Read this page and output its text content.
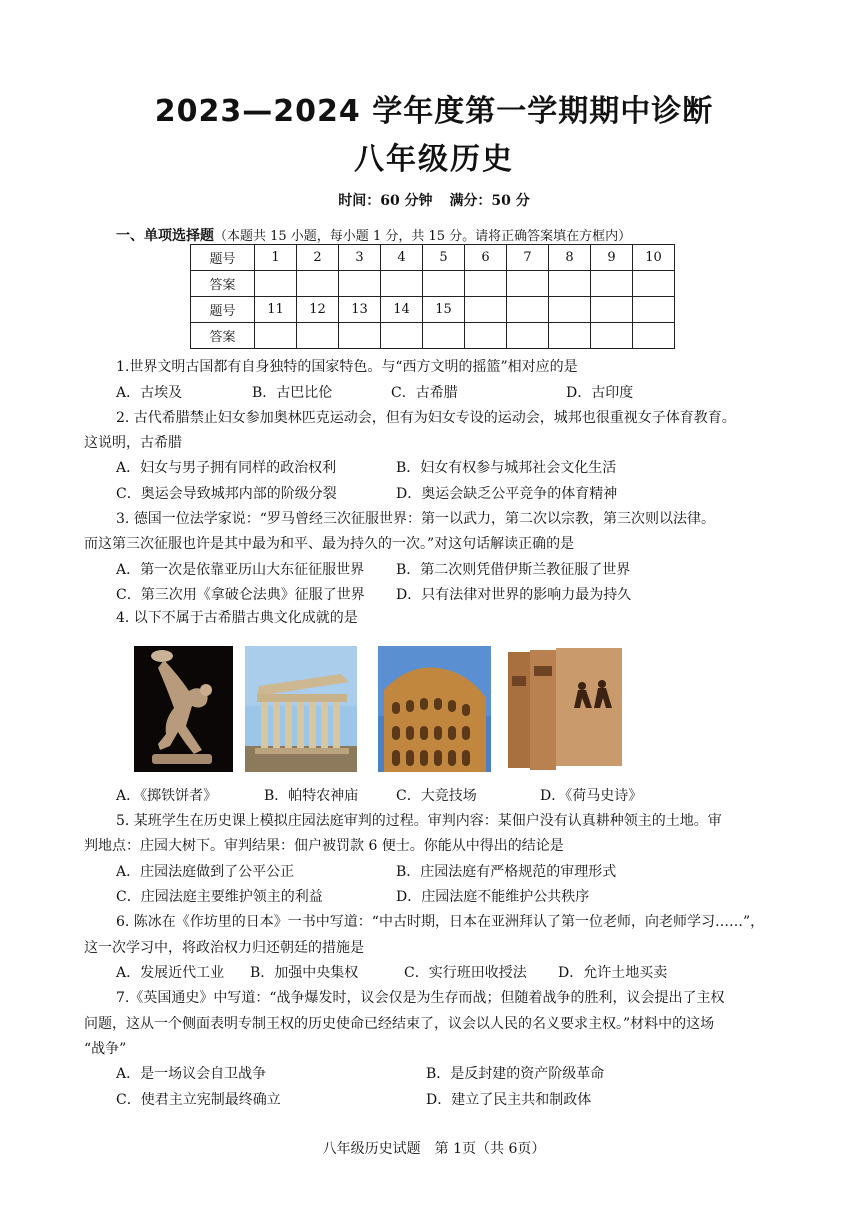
2023—2024 学年度第一学期期中诊断
八年级历史
时间：60 分钟 满分：50 分
一、单项选择题（本题共 15 小题，每小题 1 分，共 15 分。请将正确答案填在方框内）
题号	1	2	3	4	5	6	7	8	9	10
答案										
题号	11	12	13	14	15					
答案										
1.世界文明古国都有自身独特的国家特色。与“西方文明的摇篮”相对应的是
A．古埃及	B．古巴比伦	C．古希腊	D．古印度
2. 古代希腊禁止妇女参加奥林匹克运动会，但有为妇女专设的运动会，城邦也很重视女子体育教育。
这说明，古希腊
A．妇女与男子拥有同样的政治权利	B．妇女有权参与城邦社会文化生活
C．奥运会导致城邦内部的阶级分裂	D．奥运会缺乏公平竞争的体育精神
3. 德国一位法学家说：“罗马曾经三次征服世界：第一以武力，第二次以宗教，第三次则以法律。
而这第三次征服也许是其中最为和平、最为持久的一次。”对这句话解读正确的是
A．第一次是依靠亚历山大东征征服世界 B．第二次则凭借伊斯兰教征服了世界
C．第三次用《拿破仑法典》征服了世界 D．只有法律对世界的影响力最为持久
4. 以下不属于古希腊古典文化成就的是
A．《掷铁饼者》	B．帕特农神庙	C．大竞技场	D．《荷马史诗》
5. 某班学生在历史课上模拟庄园法庭审判的过程。审判内容：某佃户没有认真耕种领主的土地。审
判地点：庄园大树下。审判结果：佃户被罚款 6 便士。你能从中得出的结论是
A．庄园法庭做到了公平公正	B．庄园法庭有严格规范的审理形式
C．庄园法庭主要维护领主的利益	D．庄园法庭不能维护公共秩序
6. 陈冰在《作坊里的日本》一书中写道：“中古时期，日本在亚洲拜认了第一位老师，向老师学习……”，
这一次学习中，将政治权力归还朝廷的措施是
A．发展近代工业 B．加强中央集权	C．实行班田收授法 D．允许土地买卖
7.《英国通史》中写道：“战争爆发时，议会仅是为生存而战；但随着战争的胜利，议会提出了主权
问题，这从一个侧面表明专制王权的历史使命已经结束了，议会以人民的名义要求主权。”材料中的这场
“战争”
A．是一场议会自卫战争	B．是反封建的资产阶级革命
C．使君主立宪制最终确立	D．建立了民主共和制政体
八年级历史试题　第 1页（共 6页）
